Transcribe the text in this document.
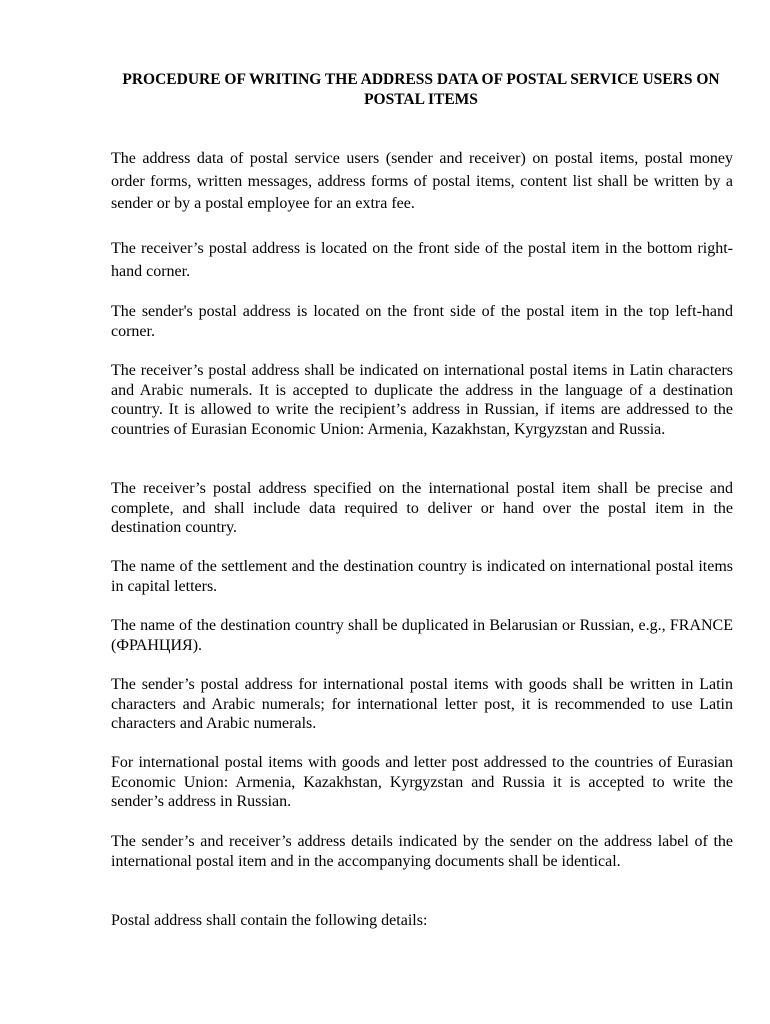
PROCEDURE OF WRITING THE ADDRESS DATA OF POSTAL SERVICE USERS ON POSTAL ITEMS

The address data of postal service users (sender and receiver) on postal items, postal money order forms, written messages, address forms of postal items, content list shall be written by a sender or by a postal employee for an extra fee.

The receiver’s postal address is located on the front side of the postal item in the bottom right-hand corner.

The sender's postal address is located on the front side of the postal item in the top left-hand corner.

The receiver’s postal address shall be indicated on international postal items in Latin characters and Arabic numerals. It is accepted to duplicate the address in the language of a destination country. It is allowed to write the recipient’s address in Russian, if items are addressed to the countries of Eurasian Economic Union: Armenia, Kazakhstan, Kyrgyzstan and Russia.

The receiver’s postal address specified on the international postal item shall be precise and complete, and shall include data required to deliver or hand over the postal item in the destination country.

The name of the settlement and the destination country is indicated on international postal items in capital letters.

The name of the destination country shall be duplicated in Belarusian or Russian, e.g., FRANCE (ФРАНЦИЯ).

The sender’s postal address for international postal items with goods shall be written in Latin characters and Arabic numerals; for international letter post, it is recommended to use Latin characters and Arabic numerals.

For international postal items with goods and letter post addressed to the countries of Eurasian Economic Union: Armenia, Kazakhstan, Kyrgyzstan and Russia it is accepted to write the sender’s address in Russian.

The sender’s and receiver’s address details indicated by the sender on the address label of the international postal item and in the accompanying documents shall be identical.

Postal address shall contain the following details:
